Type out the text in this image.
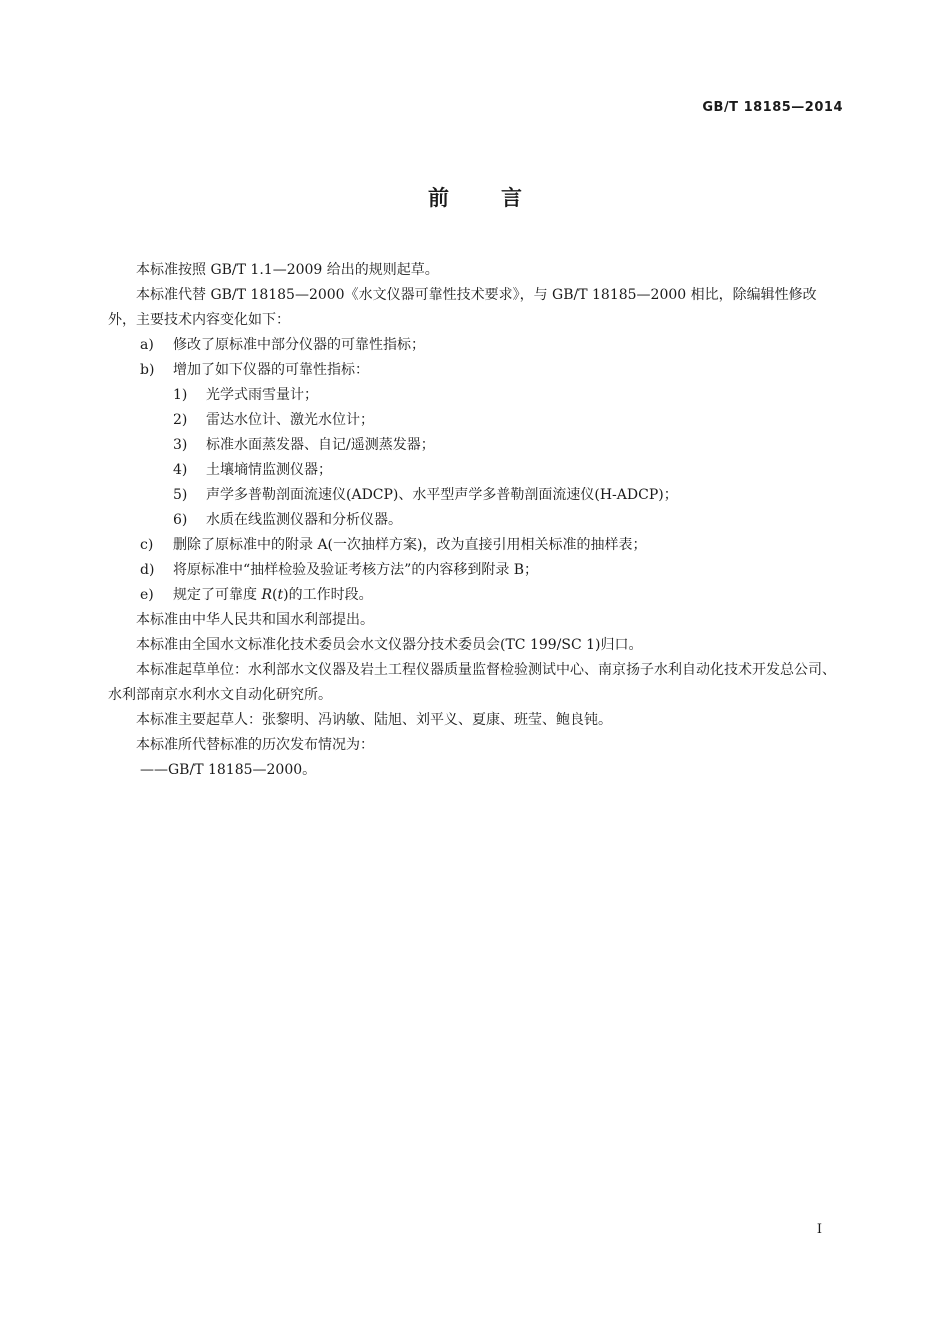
GB/T 18185—2014
前言

本标准按照 GB/T 1.1—2009 给出的规则起草。

本标准代替 GB/T 18185—2000《水文仪器可靠性技术要求》，与 GB/T 18185—2000 相比，除编辑性修改外，主要技术内容变化如下：

a) 修改了原标准中部分仪器的可靠性指标；

b) 增加了如下仪器的可靠性指标：

1) 光学式雨雪量计；

2) 雷达水位计、激光水位计；

3) 标准水面蒸发器、自记/遥测蒸发器；

4) 土壤墒情监测仪器；

5) 声学多普勒剖面流速仪(ADCP)、水平型声学多普勒剖面流速仪(H-ADCP)；

6) 水质在线监测仪器和分析仪器。

c) 删除了原标准中的附录 A(一次抽样方案)，改为直接引用相关标准的抽样表；

d) 将原标准中“抽样检验及验证考核方法”的内容移到附录 B；

e) 规定了可靠度 R(t)的工作时段。

本标准由中华人民共和国水利部提出。

本标准由全国水文标准化技术委员会水文仪器分技术委员会(TC 199/SC 1)归口。

本标准起草单位：水利部水文仪器及岩土工程仪器质量监督检验测试中心、南京扬子水利自动化技术开发总公司、水利部南京水利水文自动化研究所。

本标准主要起草人：张黎明、冯讷敏、陆旭、刘平义、夏康、班莹、鲍良钝。

本标准所代替标准的历次发布情况为：

——GB/T 18185—2000。

I
